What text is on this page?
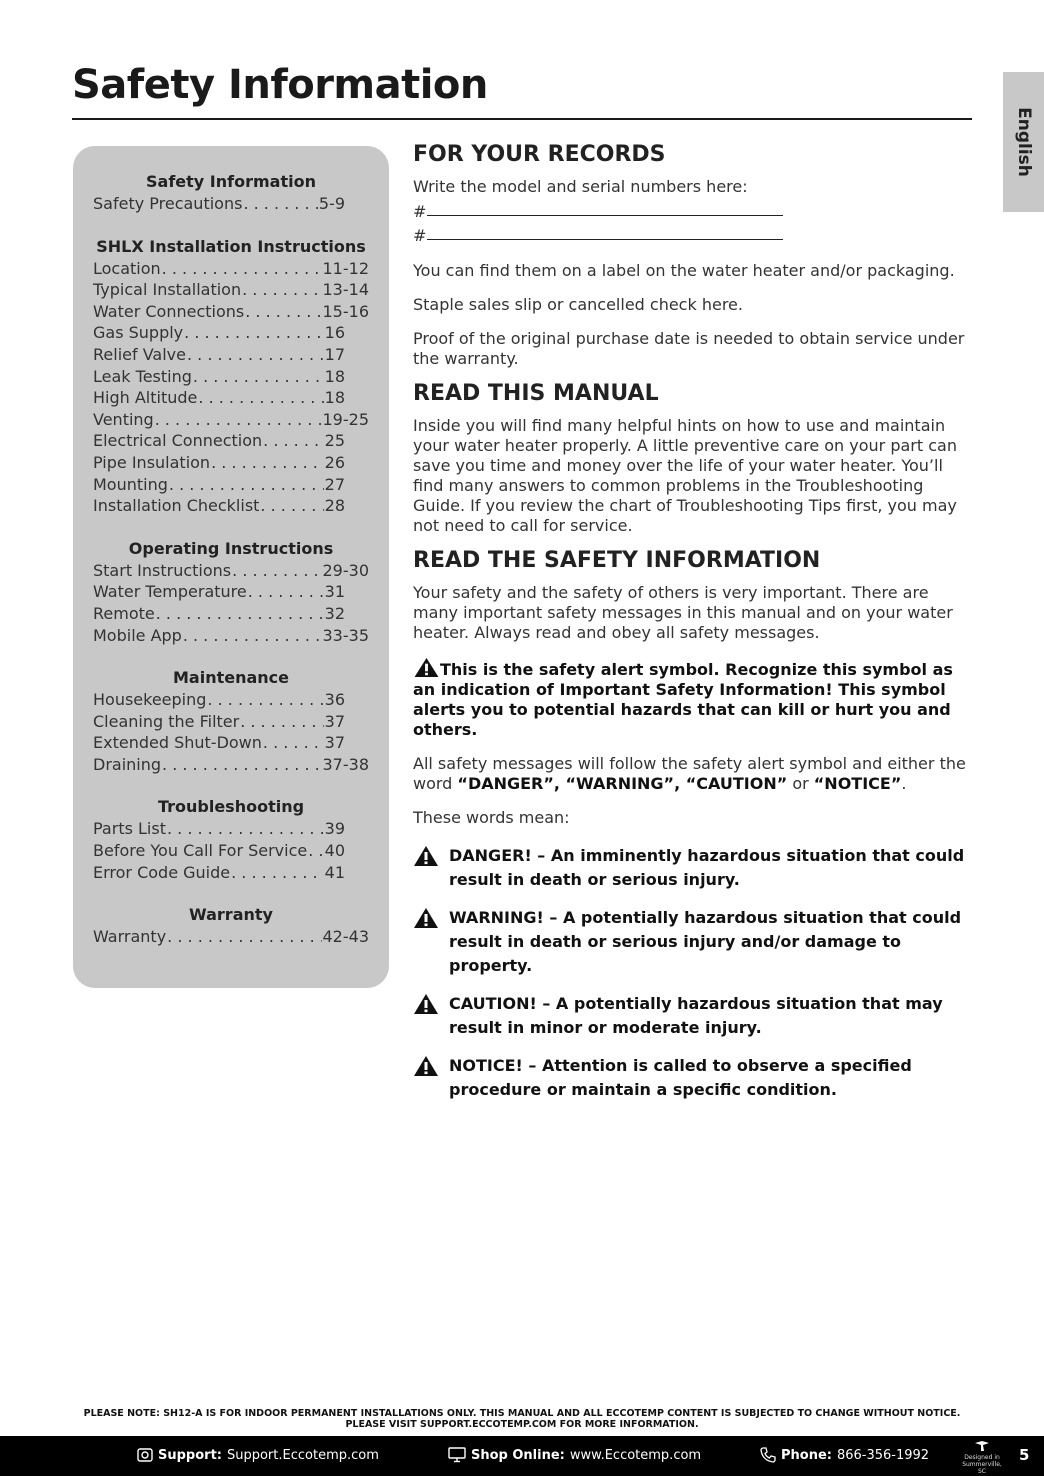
Safety Information
English
Safety Information
Safety Precautions . . .	5-9
SHLX Installation Instructions
Location . . .	11-12
Typical Installation . . .	13-14
Water Connections . . .	15-16
Gas Supply . . .	16
Relief Valve . . .	17
Leak Testing . . .	18
High Altitude . . .	18
Venting . . .	19-25
Electrical Connection . . .	25
Pipe Insulation . . .	26
Mounting . . .	27
Installation Checklist . . .	28
Operating Instructions
Start Instructions . . .	29-30
Water Temperature . . .	31
Remote . . .	32
Mobile App . . .	33-35
Maintenance
Housekeeping . . .	36
Cleaning the Filter . . .	37
Extended Shut-Down . . .	37
Draining . . .	37-38
Troubleshooting
Parts List . . .	39
Before You Call For Service . . . 40
Error Code Guide . . .	41
Warranty
Warranty . . .	42-43
FOR YOUR RECORDS

Write the model and serial numbers here:

#
#

You can find them on a label on the water heater and/or packaging.

Staple sales slip or cancelled check here.

Proof of the original purchase date is needed to obtain service under the warranty.

READ THIS MANUAL

Inside you will find many helpful hints on how to use and maintain your water heater properly. A little preventive care on your part can save you time and money over the life of your water heater. You’ll find many answers to common problems in the Troubleshooting Guide. If you review the chart of Troubleshooting Tips first, you may not need to call for service.

READ THE SAFETY INFORMATION

Your safety and the safety of others is very important. There are many important safety messages in this manual and on your water heater. Always read and obey all safety messages.

This is the safety alert symbol. Recognize this symbol as an indication of Important Safety Information! This symbol alerts you to potential hazards that can kill or hurt you and others.

All safety messages will follow the safety alert symbol and either the word “DANGER”, “WARNING”, “CAUTION” or “NOTICE”.

These words mean:

DANGER! – An imminently hazardous situation that could result in death or serious injury.
WARNING! – A potentially hazardous situation that could result in death or serious injury and/or damage to property.
CAUTION! – A potentially hazardous situation that may result in minor or moderate injury.
NOTICE! – Attention is called to observe a specified procedure or maintain a specific condition.
PLEASE NOTE: SH12-A IS FOR INDOOR PERMANENT INSTALLATIONS ONLY. THIS MANUAL AND ALL ECCOTEMP CONTENT IS SUBJECTED TO CHANGE WITHOUT NOTICE.
PLEASE VISIT SUPPORT.ECCOTEMP.COM FOR MORE INFORMATION.
Support: Support.Eccotemp.com	Shop Online: www.Eccotemp.com	Phone: 866-356-1992	Designed in
Summerville, SC
5
